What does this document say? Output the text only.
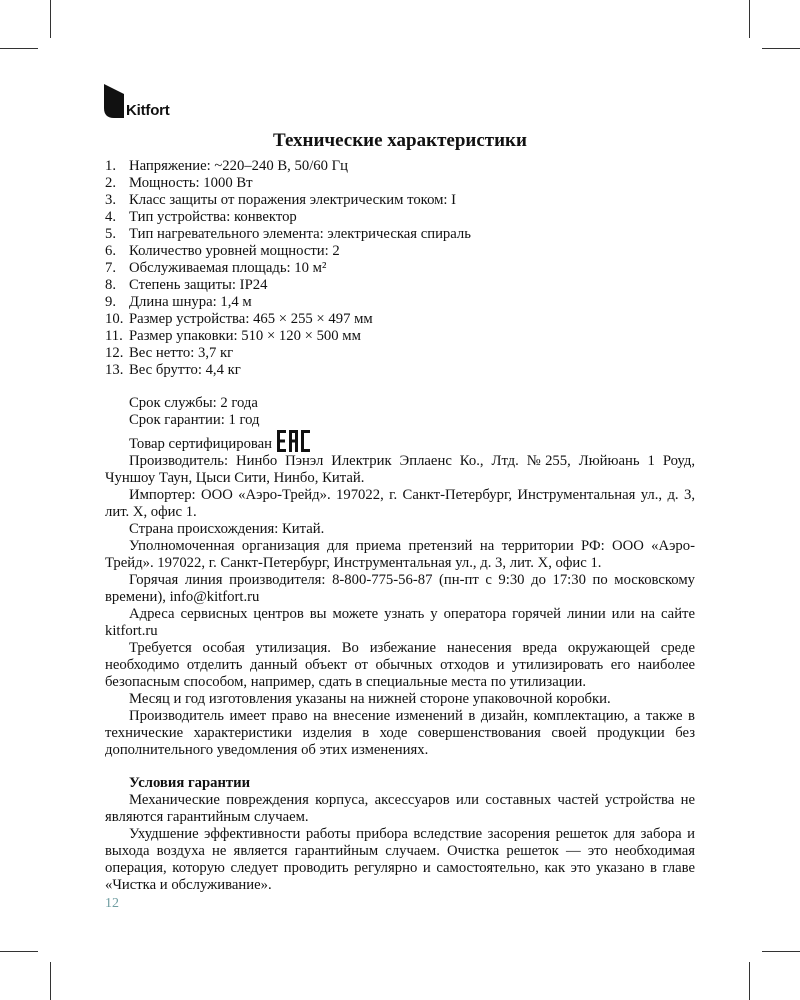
Kitfort
Технические характеристики
1. Напряжение: ~220–240 В, 50/60 Гц
2. Мощность: 1000 Вт
3. Класс защиты от поражения электрическим током: I
4. Тип устройства: конвектор
5. Тип нагревательного элемента: электрическая спираль
6. Количество уровней мощности: 2
7. Обслуживаемая площадь: 10 м²
8. Степень защиты: IP24
9. Длина шнура: 1,4 м
10. Размер устройства: 465 × 255 × 497 мм
11. Размер упаковки: 510 × 120 × 500 мм
12. Вес нетто: 3,7 кг
13. Вес брутто: 4,4 кг
Срок службы: 2 года
Срок гарантии: 1 год
Товар сертифицирован

Производитель: Нинбо Пэнэл Илектрик Эплаенс Ко., Лтд. №255, Люйюань 1 Роуд, Чуншоу Таун, Цыси Сити, Нинбо, Китай.

Импортер: ООО «Аэро-Трейд». 197022, г. Санкт-Петербург, Инструментальная ул., д. 3, лит. Х, офис 1.

Страна происхождения: Китай.

Уполномоченная организация для приема претензий на территории РФ: ООО «Аэро-Трейд». 197022, г. Санкт-Петербург, Инструментальная ул., д. 3, лит. Х, офис 1.

Горячая линия производителя: 8-800-775-56-87 (пн-пт с 9:30 до 17:30 по московскому времени), info@kitfort.ru

Адреса сервисных центров вы можете узнать у оператора горячей линии или на сайте kitfort.ru

Требуется особая утилизация. Во избежание нанесения вреда окружающей среде необходимо отделить данный объект от обычных отходов и утилизировать его наиболее безопасным способом, например, сдать в специальные места по утилизации.

Месяц и год изготовления указаны на нижней стороне упаковочной коробки.

Производитель имеет право на внесение изменений в дизайн, комплектацию, а также в технические характеристики изделия в ходе совершенствования своей продукции без дополнительного уведомления об этих изменениях.

Условия гарантии

Механические повреждения корпуса, аксессуаров или составных частей устройства не являются гарантийным случаем.

Ухудшение эффективности работы прибора вследствие засорения решеток для забора и выхода воздуха не является гарантийным случаем. Очистка решеток — это необходимая операция, которую следует проводить регулярно и самостоятельно, как это указано в главе «Чистка и обслуживание».

12
